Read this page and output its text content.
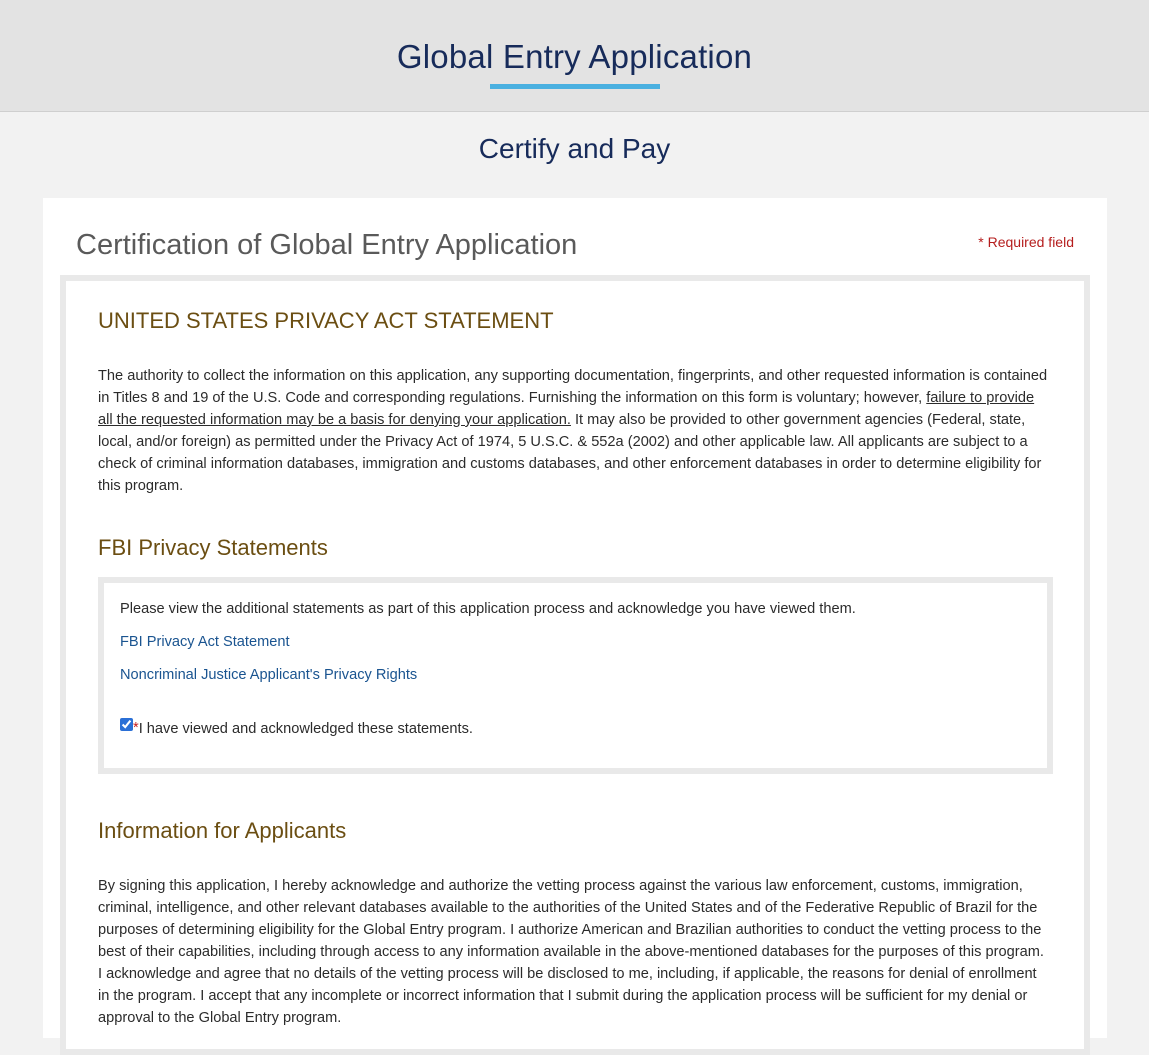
Global Entry Application
Certify and Pay
Certification of Global Entry Application	* Required field
UNITED STATES PRIVACY ACT STATEMENT

The authority to collect the information on this application, any supporting documentation, fingerprints, and other requested information is contained in Titles 8 and 19 of the U.S. Code and corresponding regulations. Furnishing the information on this form is voluntary; however, failure to provide all the requested information may be a basis for denying your application. It may also be provided to other government agencies (Federal, state, local, and/or foreign) as permitted under the Privacy Act of 1974, 5 U.S.C. & 552a (2002) and other applicable law. All applicants are subject to a check of criminal information databases, immigration and customs databases, and other enforcement databases in order to determine eligibility for this program.

FBI Privacy Statements

Please view the additional statements as part of this application process and acknowledge you have viewed them.

FBI Privacy Act Statement
Noncriminal Justice Applicant's Privacy Rights
* I have viewed and acknowledged these statements.
Information for Applicants

By signing this application, I hereby acknowledge and authorize the vetting process against the various law enforcement, customs, immigration, criminal, intelligence, and other relevant databases available to the authorities of the United States and of the Federative Republic of Brazil for the purposes of determining eligibility for the Global Entry program. I authorize American and Brazilian authorities to conduct the vetting process to the best of their capabilities, including through access to any information available in the above-mentioned databases for the purposes of this program. I acknowledge and agree that no details of the vetting process will be disclosed to me, including, if applicable, the reasons for denial of enrollment in the program. I accept that any incomplete or incorrect information that I submit during the application process will be sufficient for my denial or approval to the Global Entry program.
